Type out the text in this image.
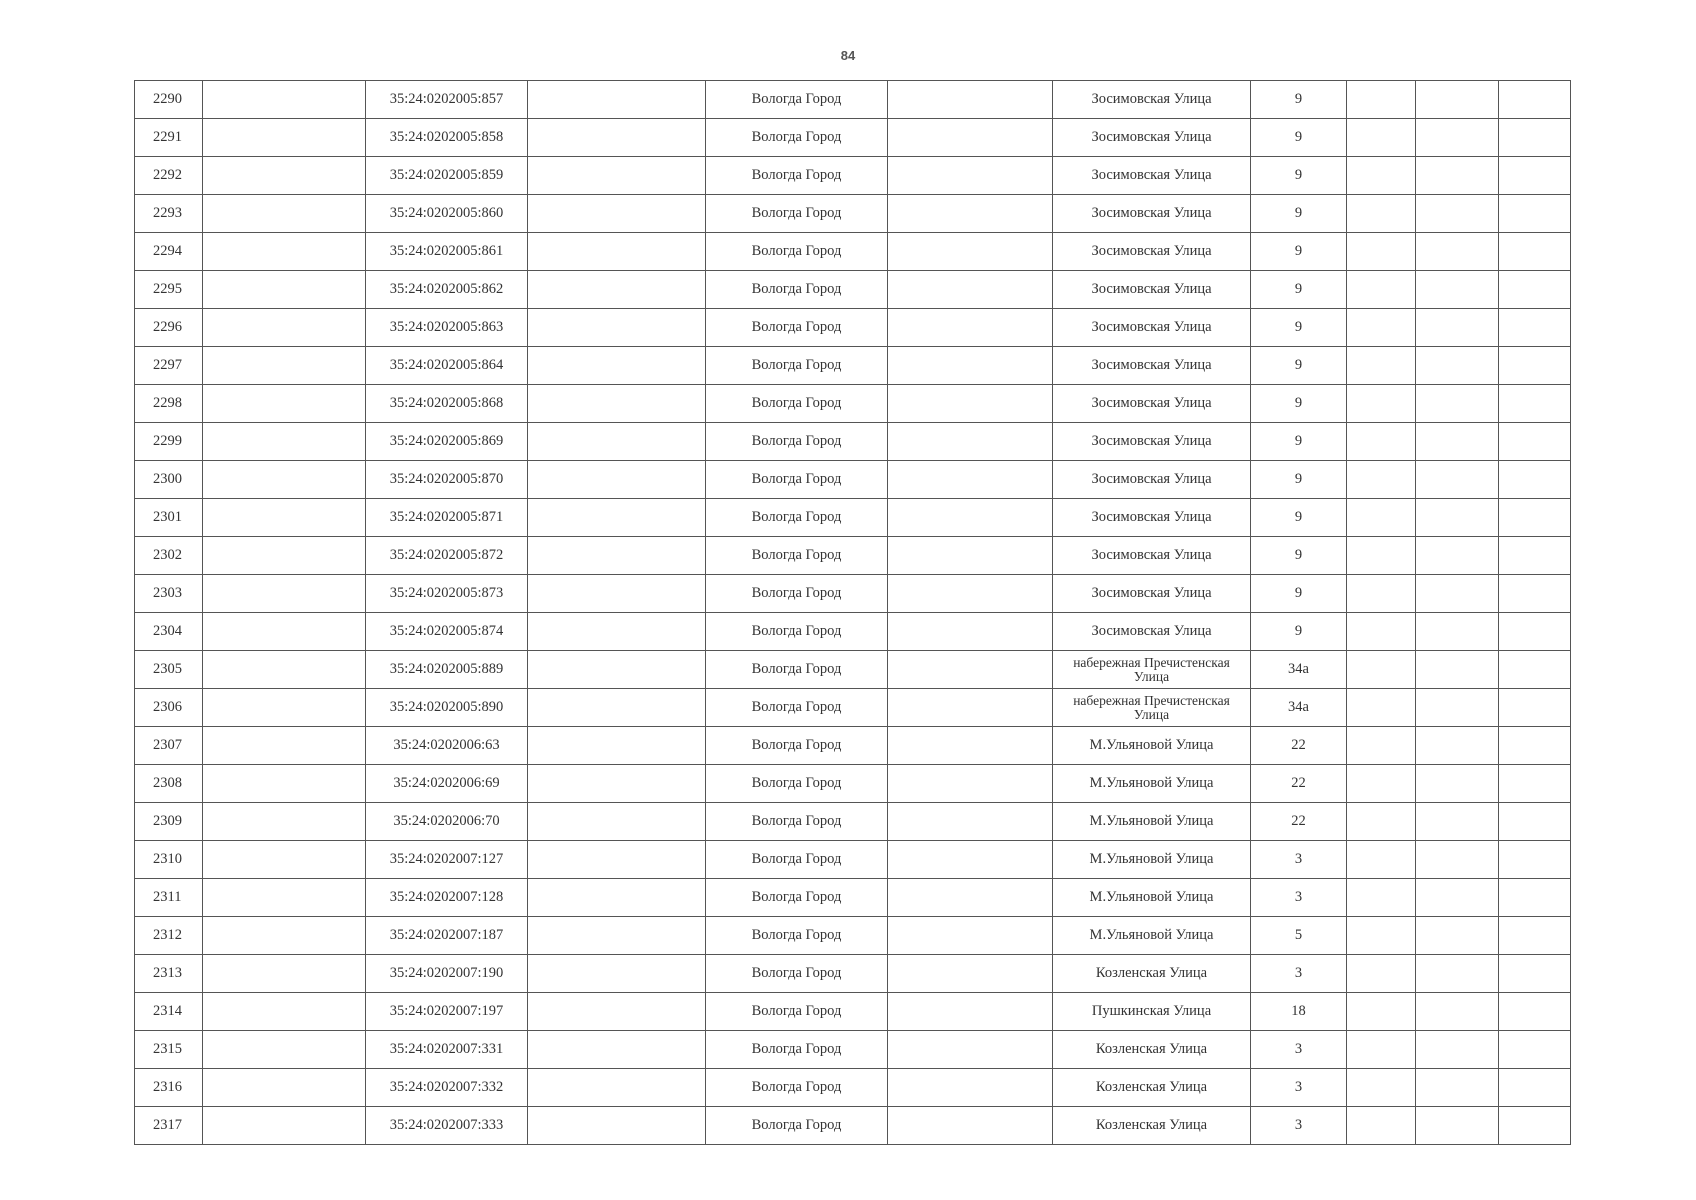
84
2290		35:24:0202005:857		Вологда Город		Зосимовская Улица	9			
2291		35:24:0202005:858		Вологда Город		Зосимовская Улица	9			
2292		35:24:0202005:859		Вологда Город		Зосимовская Улица	9			
2293		35:24:0202005:860		Вологда Город		Зосимовская Улица	9			
2294		35:24:0202005:861		Вологда Город		Зосимовская Улица	9			
2295		35:24:0202005:862		Вологда Город		Зосимовская Улица	9			
2296		35:24:0202005:863		Вологда Город		Зосимовская Улица	9			
2297		35:24:0202005:864		Вологда Город		Зосимовская Улица	9			
2298		35:24:0202005:868		Вологда Город		Зосимовская Улица	9			
2299		35:24:0202005:869		Вологда Город		Зосимовская Улица	9			
2300		35:24:0202005:870		Вологда Город		Зосимовская Улица	9			
2301		35:24:0202005:871		Вологда Город		Зосимовская Улица	9			
2302		35:24:0202005:872		Вологда Город		Зосимовская Улица	9			
2303		35:24:0202005:873		Вологда Город		Зосимовская Улица	9			
2304		35:24:0202005:874		Вологда Город		Зосимовская Улица	9			
2305		35:24:0202005:889		Вологда Город		набережная Пречистенская Улица	34а			
2306		35:24:0202005:890		Вологда Город		набережная Пречистенская Улица	34а			
2307		35:24:0202006:63		Вологда Город		М.Ульяновой Улица	22			
2308		35:24:0202006:69		Вологда Город		М.Ульяновой Улица	22			
2309		35:24:0202006:70		Вологда Город		М.Ульяновой Улица	22			
2310		35:24:0202007:127		Вологда Город		М.Ульяновой Улица	3			
2311		35:24:0202007:128		Вологда Город		М.Ульяновой Улица	3			
2312		35:24:0202007:187		Вологда Город		М.Ульяновой Улица	5			
2313		35:24:0202007:190		Вологда Город		Козленская Улица	3			
2314		35:24:0202007:197		Вологда Город		Пушкинская Улица	18			
2315		35:24:0202007:331		Вологда Город		Козленская Улица	3			
2316		35:24:0202007:332		Вологда Город		Козленская Улица	3			
2317		35:24:0202007:333		Вологда Город		Козленская Улица	3			
